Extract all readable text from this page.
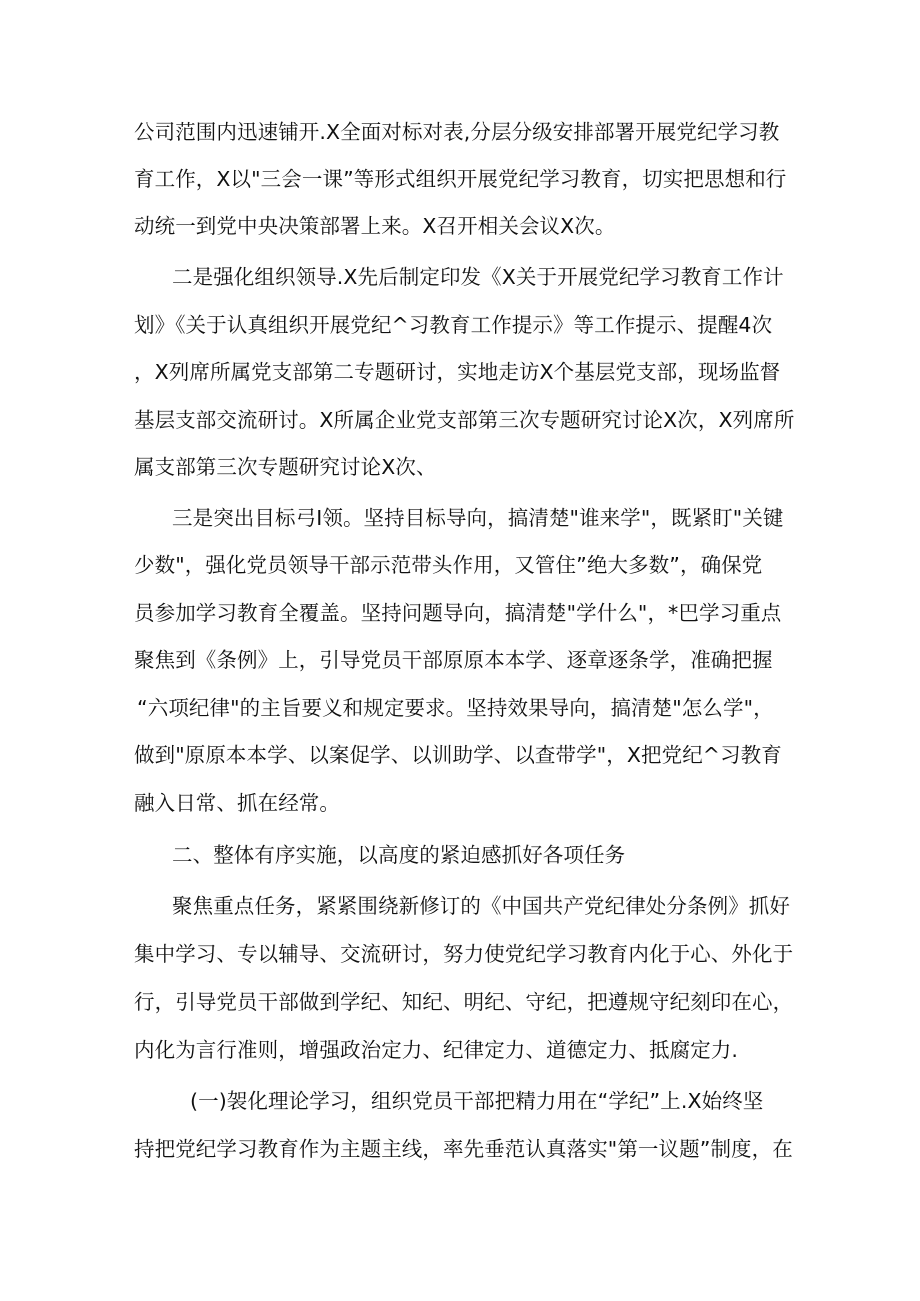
公司范围内迅速铺开.X全面对标对表,分层分级安排部署开展党纪学习教
育工作，X以"三会一课”等形式组织开展党纪学习教育，切实把思想和行
动统一到党中央决策部署上来。X召开相关会议X次。
二是强化组织领导.X先后制定印发《X关于开展党纪学习教育工作计
划》《关于认真组织开展党纪^习教育工作提示》等工作提示、提醒4次
，X列席所属党支部第二专题研讨，实地走访X个基层党支部，现场监督
基层支部交流研讨。X所属企业党支部第三次专题研究讨论X次，X列席所
属支部第三次专题研究讨论X次、
三是突出目标弓I领。坚持目标导向，搞清楚"谁来学"，既紧盯"关键
少数"，强化党员领导干部示范带头作用，又管住”绝大多数”，确保党
员参加学习教育全覆盖。坚持问题导向，搞清楚"学什么"，*巴学习重点
聚焦到《条例》上，引导党员干部原原本本学、逐章逐条学，准确把握
“六项纪律"的主旨要义和规定要求。坚持效果导向，搞清楚"怎么学"，
做到"原原本本学、以案促学、以训助学、以查带学"，X把党纪^习教育
融入日常、抓在经常。
二、整体有序实施，以高度的紧迫感抓好各项任务
聚焦重点任务，紧紧围绕新修订的《中国共产党纪律处分条例》抓好
集中学习、专以辅导、交流研讨，努力使党纪学习教育内化于心、外化于
行，引导党员干部做到学纪、知纪、明纪、守纪，把遵规守纪刻印在心，
内化为言行准则，增强政治定力、纪律定力、道德定力、抵腐定力.
(一)袈化理论学习，组织党员干部把精力用在“学纪”上.X始终坚
持把党纪学习教育作为主题主线，率先垂范认真落实"第一议题”制度，在
